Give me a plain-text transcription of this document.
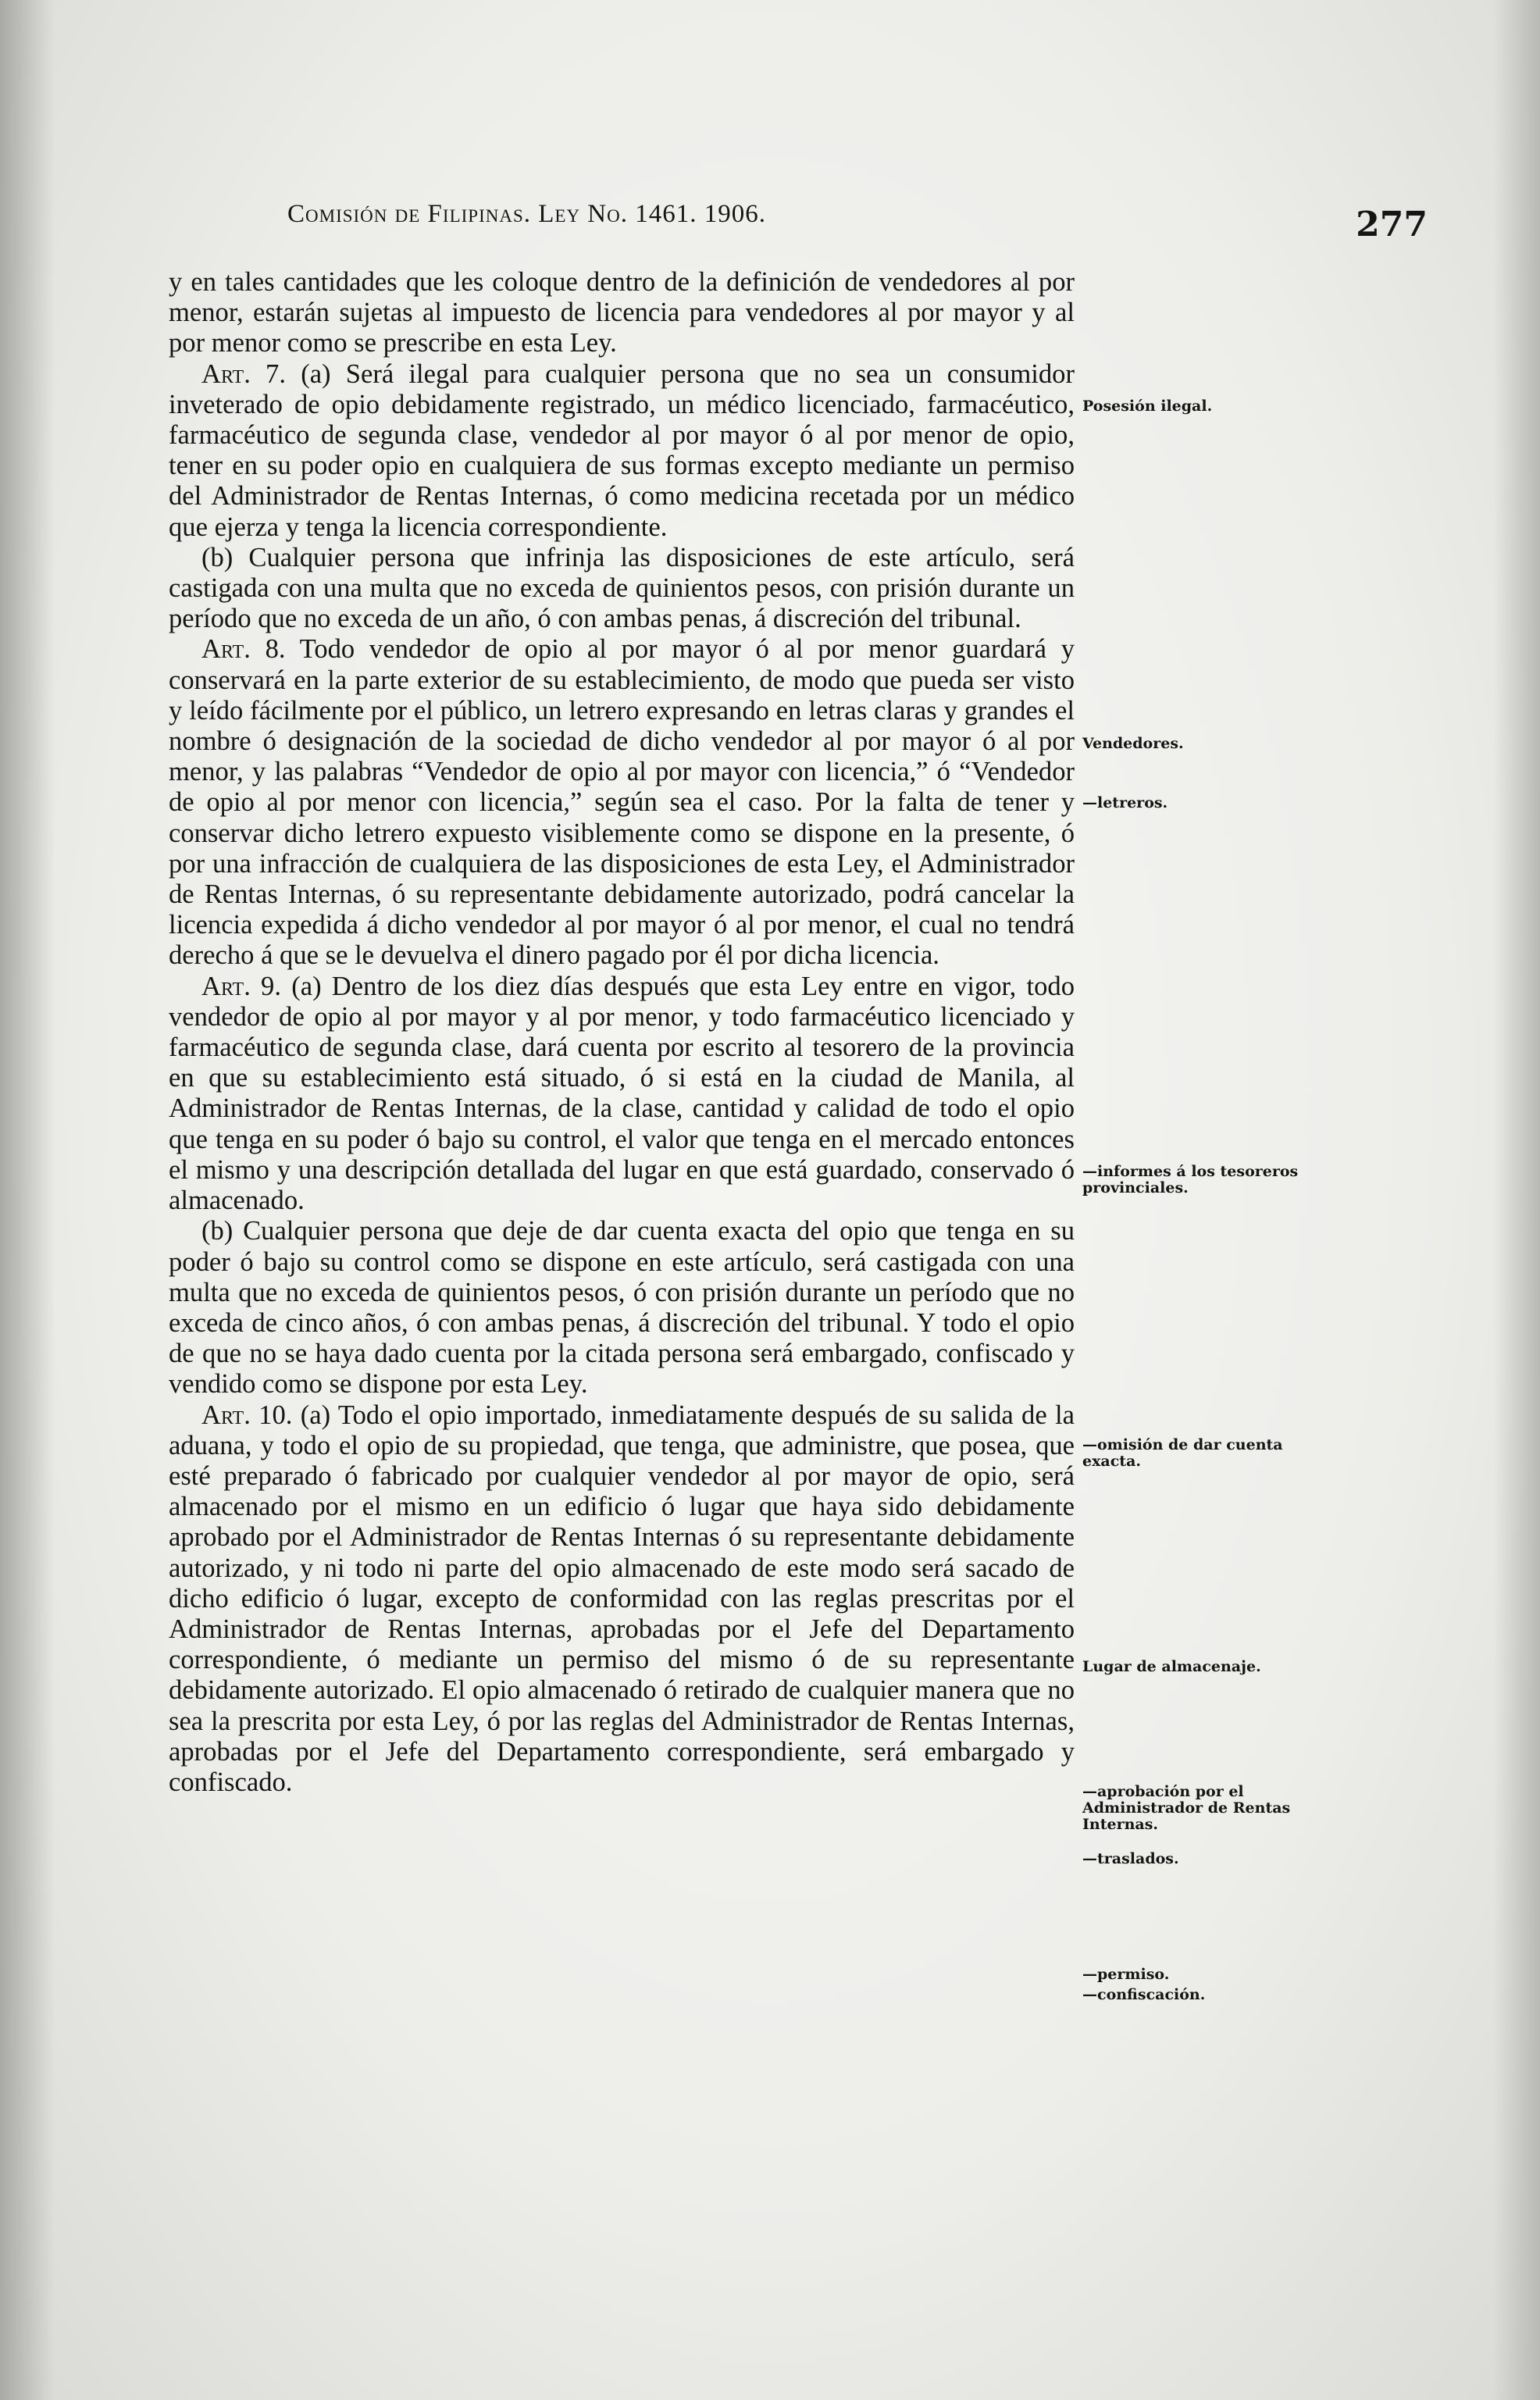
Comisión de Filipinas. Ley No. 1461. 1906.	277

y en tales cantidades que les coloque dentro de la definición de vendedores al por menor, estarán sujetas al impuesto de licencia para vendedores al por mayor y al por menor como se prescribe en esta Ley.

Art. 7. (a) Será ilegal para cualquier persona que no sea un consumidor inveterado de opio debidamente registrado, un médico licenciado, farmacéutico, farmacéutico de segunda clase, vendedor al por mayor ó al por menor de opio, tener en su poder opio en cualquiera de sus formas excepto mediante un permiso del Administrador de Rentas Internas, ó como medicina recetada por un médico que ejerza y tenga la licencia correspondiente.

(b) Cualquier persona que infrinja las disposiciones de este artículo, será castigada con una multa que no exceda de quinientos pesos, con prisión durante un período que no exceda de un año, ó con ambas penas, á discreción del tribunal.

Art. 8. Todo vendedor de opio al por mayor ó al por menor guardará y conservará en la parte exterior de su establecimiento, de modo que pueda ser visto y leído fácilmente por el público, un letrero expresando en letras claras y grandes el nombre ó designación de la sociedad de dicho vendedor al por mayor ó al por menor, y las palabras “Vendedor de opio al por mayor con licencia,” ó “Vendedor de opio al por menor con licencia,” según sea el caso. Por la falta de tener y conservar dicho letrero expuesto visiblemente como se dispone en la presente, ó por una infracción de cualquiera de las disposiciones de esta Ley, el Administrador de Rentas Internas, ó su representante debidamente autorizado, podrá cancelar la licencia expedida á dicho vendedor al por mayor ó al por menor, el cual no tendrá derecho á que se le devuelva el dinero pagado por él por dicha licencia.

Art. 9. (a) Dentro de los diez días después que esta Ley entre en vigor, todo vendedor de opio al por mayor y al por menor, y todo farmacéutico licenciado y farmacéutico de segunda clase, dará cuenta por escrito al tesorero de la provincia en que su establecimiento está situado, ó si está en la ciudad de Manila, al Administrador de Rentas Internas, de la clase, cantidad y calidad de todo el opio que tenga en su poder ó bajo su control, el valor que tenga en el mercado entonces el mismo y una descripción detallada del lugar en que está guardado, conservado ó almacenado.

(b) Cualquier persona que deje de dar cuenta exacta del opio que tenga en su poder ó bajo su control como se dispone en este artículo, será castigada con una multa que no exceda de quinientos pesos, ó con prisión durante un período que no exceda de cinco años, ó con ambas penas, á discreción del tribunal. Y todo el opio de que no se haya dado cuenta por la citada persona será embargado, confiscado y vendido como se dispone por esta Ley.

Art. 10. (a) Todo el opio importado, inmediatamente después de su salida de la aduana, y todo el opio de su propiedad, que tenga, que administre, que posea, que esté preparado ó fabricado por cualquier vendedor al por mayor de opio, será almacenado por el mismo en un edificio ó lugar que haya sido debidamente aprobado por el Administrador de Rentas Internas ó su representante debidamente autorizado, y ni todo ni parte del opio almacenado de este modo será sacado de dicho edificio ó lugar, excepto de conformidad con las reglas prescritas por el Administrador de Rentas Internas, aprobadas por el Jefe del Departamento correspondiente, ó mediante un permiso del mismo ó de su representante debidamente autorizado. El opio almacenado ó retirado de cualquier manera que no sea la prescrita por esta Ley, ó por las reglas del Administrador de Rentas Internas, aprobadas por el Jefe del Departamento correspondiente, será embargado y confiscado.

Posesión ilegal.
Vendedores.
—letreros.
—informes á los tesoreros provinciales.
—omisión de dar cuenta exacta.
Lugar de almacenaje.
—aprobación por el Administrador de Rentas Internas.
—traslados.
—permiso.
—confiscación.
